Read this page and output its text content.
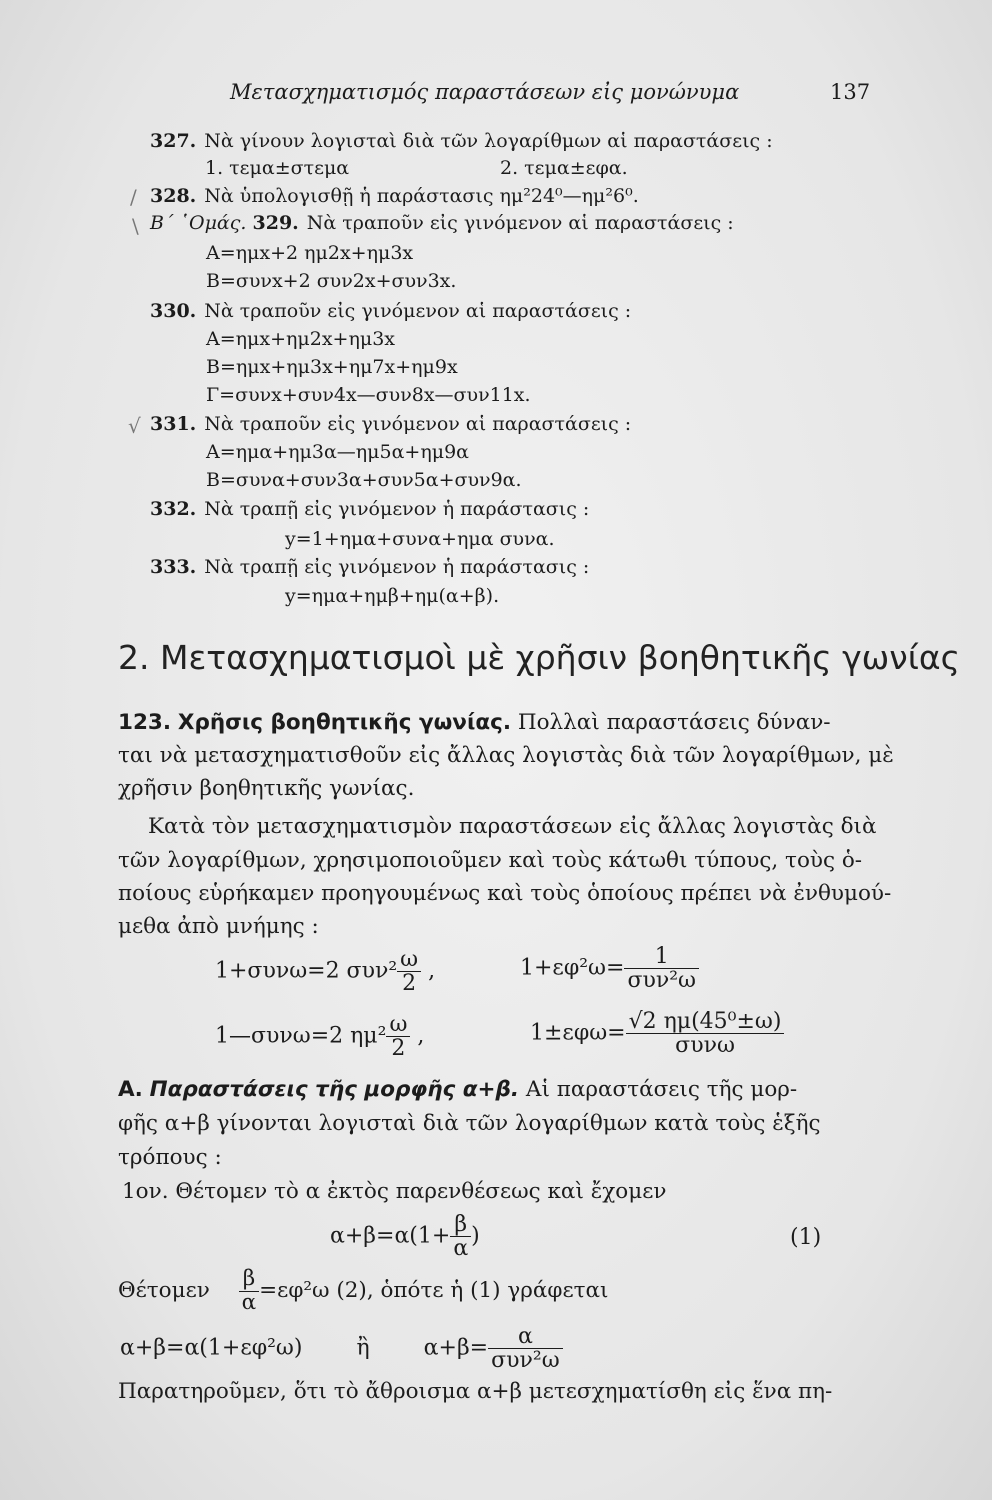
Μετασχηματισμός παραστάσεων εἰς μονώνυμα	137
327. Νὰ γίνουν λογισταὶ διὰ τῶν λογαρίθμων αἱ παραστάσεις :
1. τεμα±στεμα	2. τεμα±εφα.
/ 328. Νὰ ὑπολογισθῇ ἡ παράστασις ημ²24⁰—ημ²6⁰.
\ Β΄ ῾Ομάς. 329. Νὰ τραποῦν εἰς γινόμενον αἱ παραστάσεις :
Α=ημx+2 ημ2x+ημ3x
Β=συνx+2 συν2x+συν3x.
330. Νὰ τραποῦν εἰς γινόμενον αἱ παραστάσεις :
Α=ημx+ημ2x+ημ3x
Β=ημx+ημ3x+ημ7x+ημ9x
Γ=συνx+συν4x—συν8x—συν11x.
√ 331. Νὰ τραποῦν εἰς γινόμενον αἱ παραστάσεις :
Α=ημα+ημ3α—ημ5α+ημ9α
Β=συνα+συν3α+συν5α+συν9α.
332. Νὰ τραπῇ εἰς γινόμενον ἡ παράστασις :
y=1+ημα+συνα+ημα συνα.
333. Νὰ τραπῇ εἰς γινόμενον ἡ παράστασις :
y=ημα+ημβ+ημ(α+β).
2. Μετασχηματισμοὶ μὲ χρῆσιν βοηθητικῆς γωνίας
123. Χρῆσις βοηθητικῆς γωνίας. Πολλαὶ παραστάσεις δύναν-
ται νὰ μετασχηματισθοῦν εἰς ἄλλας λογιστὰς διὰ τῶν λογαρίθμων, μὲ
χρῆσιν βοηθητικῆς γωνίας.
Κατὰ τὸν μετασχηματισμὸν παραστάσεων εἰς ἄλλας λογιστὰς διὰ
τῶν λογαρίθμων, χρησιμοποιοῦμεν καὶ τοὺς κάτωθι τύπους, τοὺς ὁ-
ποίους εὑρήκαμεν προηγουμένως καὶ τοὺς ὁποίους πρέπει νὰ ἐνθυμού-
μεθα ἀπὸ μνήμης :
1+συνω=2 $\sigma\upsilon\nu^2 \frac{\omega}{2}$ ,	$1+\varepsilon\varphi^2\omega= \frac{1}{\text{συν²ω}}$
1—συνω=2 $\eta\mu^2 \frac{\omega}{2}$ ,	$1\pm\varepsilon\varphi\omega= \frac{\text{√2 ημ(45⁰±ω)}}{\text{συνω}}$
Α. Παραστάσεις τῆς μορφῆς α+β. Αἱ παραστάσεις τῆς μορ-
φῆς α+β γίνονται λογισταὶ διὰ τῶν λογαρίθμων κατὰ τοὺς ἑξῆς
τρόπους :
1ον. Θέτομεν τὸ α ἐκτὸς παρενθέσεως καὶ ἔχομεν
$\alpha+\beta=\alpha(1+ \frac{\beta}{\alpha}$ )	(1)
Θέτομεν $\frac{\beta}{\alpha} =\varepsilon\varphi^2\omega$ (2), ὁπότε ἡ (1) γράφεται
α+β=α(1+εφ²ω) ἢ $\alpha+\beta= \frac{\alpha}{\text{συν²ω}}$
Παρατηροῦμεν, ὅτι τὸ ἄθροισμα α+β μετεσχηματίσθη εἰς ἕνα πη-
